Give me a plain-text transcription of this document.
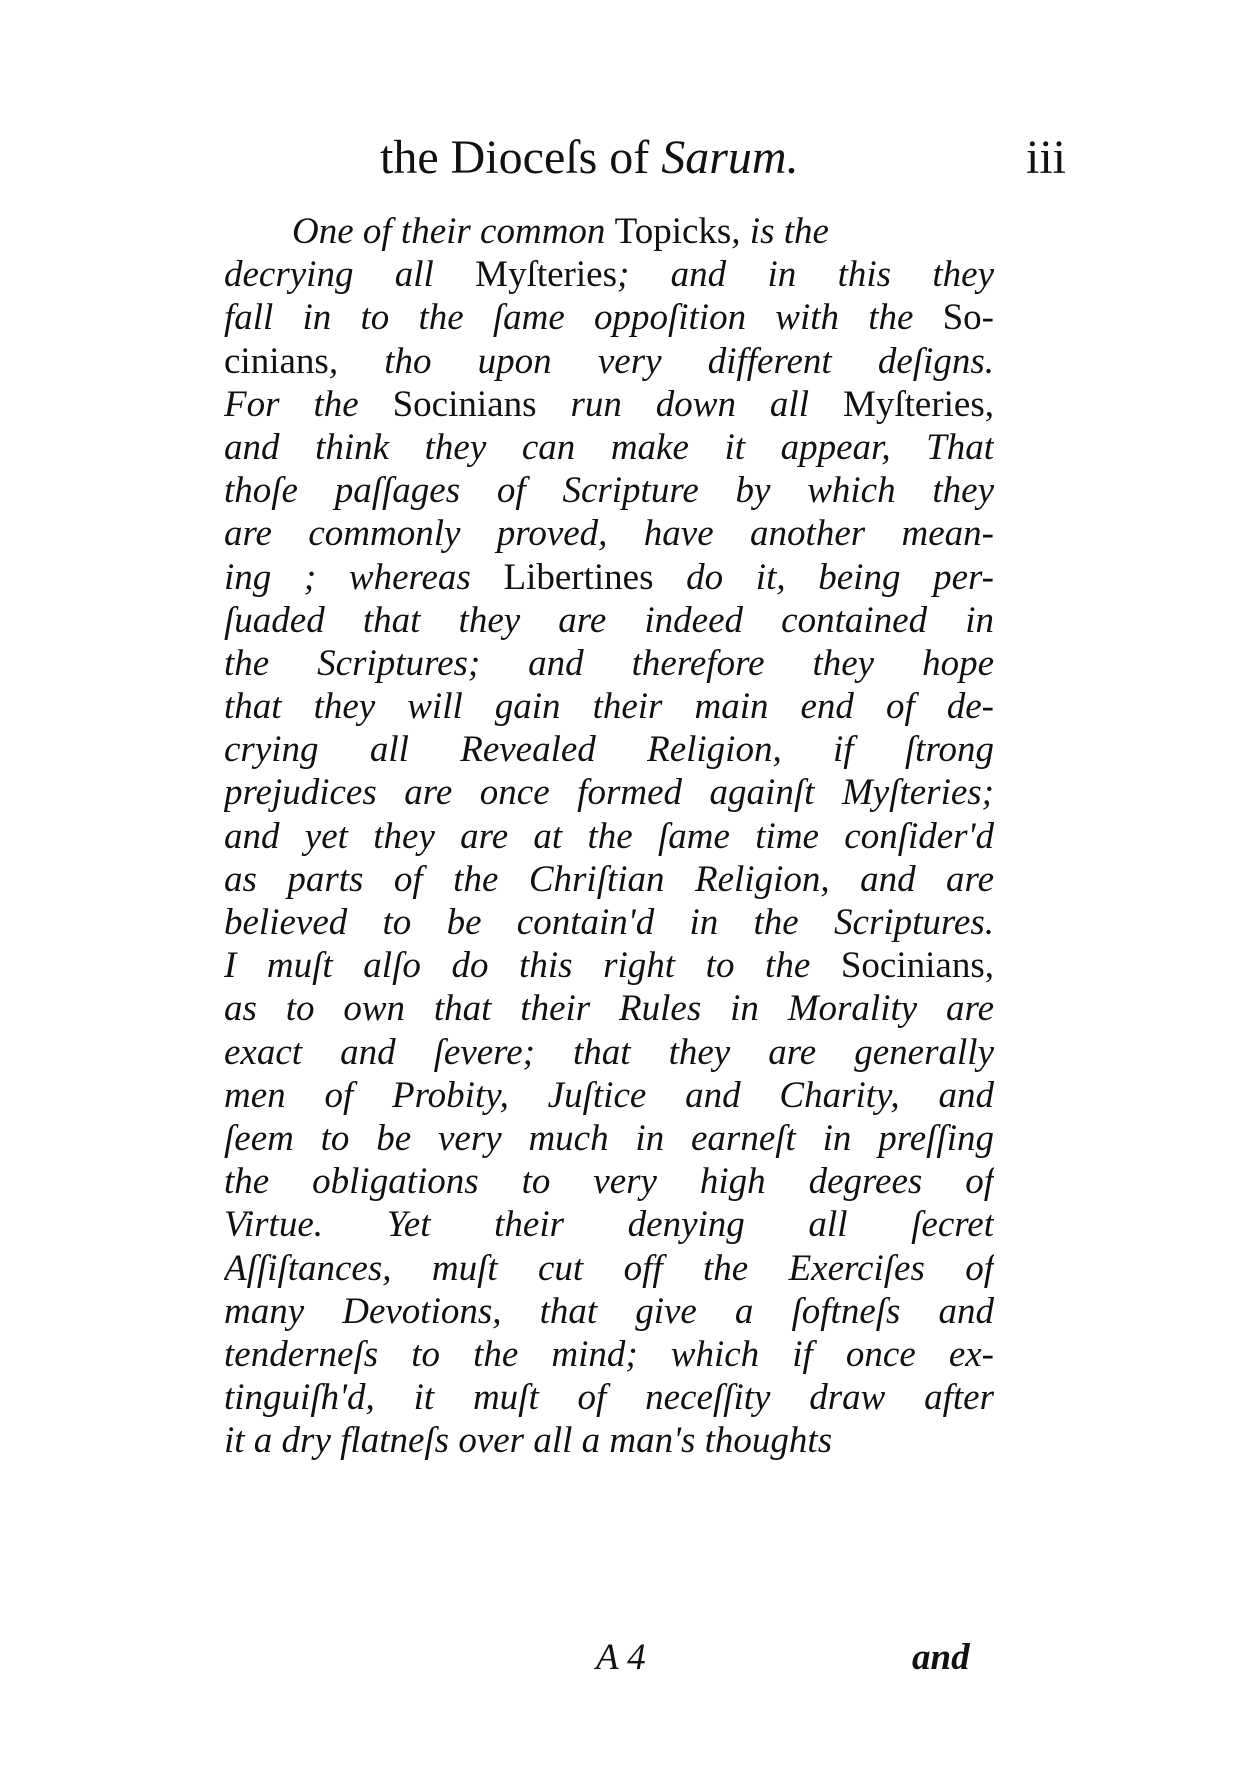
the Dioceſs of Sarum.	iii
One of their common Topicks, is the
decrying all Myſteries; and in this they
fall in to the ſame oppoſition with the So-
cinians, tho upon very different deſigns.
For the Socinians run down all Myſteries,
and think they can make it appear, That
thoſe paſſages of Scripture by which they
are commonly proved, have another mean-
ing ; whereas Libertines do it, being per-
ſuaded that they are indeed contained in
the Scriptures; and therefore they hope
that they will gain their main end of de-
crying all Revealed Religion, if ſtrong
prejudices are once formed againſt Myſteries;
and yet they are at the ſame time conſider'd
as parts of the Chriſtian Religion, and are
believed to be contain'd in the Scriptures.
I muſt alſo do this right to the Socinians,
as to own that their Rules in Morality are
exact and ſevere; that they are generally
men of Probity, Juſtice and Charity, and
ſeem to be very much in earneſt in preſſing
the obligations to very high degrees of
Virtue. Yet their denying all ſecret
Aſſiſtances, muſt cut off the Exerciſes of
many Devotions, that give a ſoftneſs and
tenderneſs to the mind; which if once ex-
tinguiſh'd, it muſt of neceſſity draw after
it a dry flatneſs over all a man's thoughts
A 4	and
